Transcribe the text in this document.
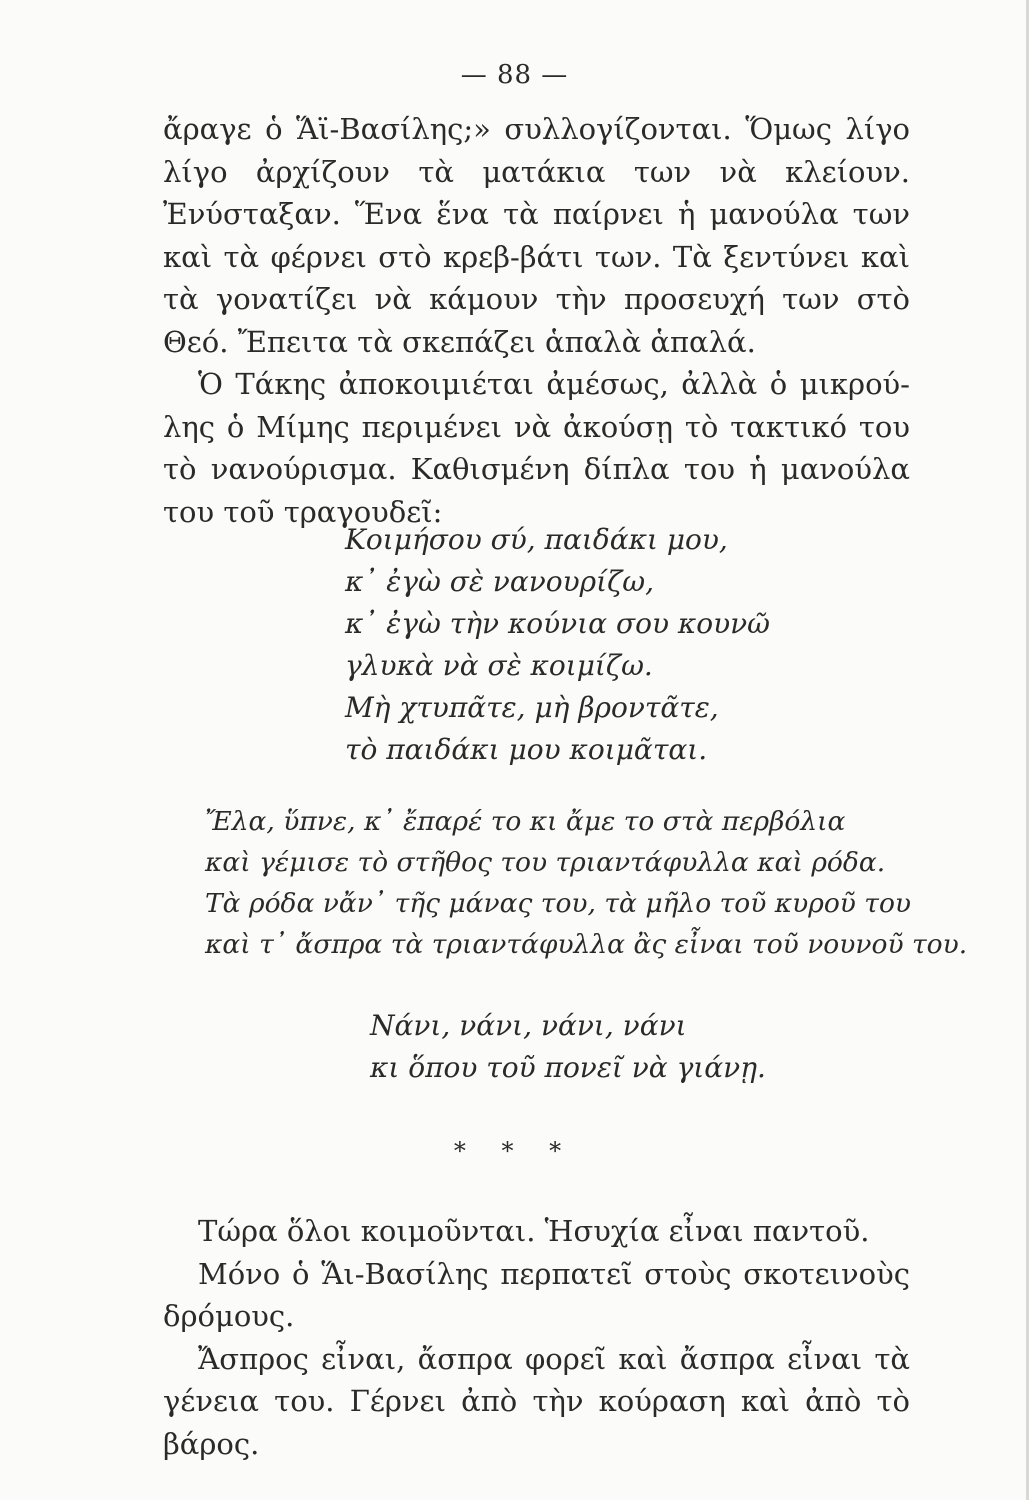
— 88 —

ἄραγε ὁ Ἅϊ-Βασίλης;» συλλογίζονται. Ὅμως λίγο λίγο ἀρχίζουν τὰ ματάκια των νὰ κλείουν. Ἐνύσταξαν. Ἕνα ἕνα τὰ παίρνει ἡ μανούλα των καὶ τὰ φέρνει στὸ κρεβ-βάτι των. Τὰ ξεντύνει καὶ τὰ γονατίζει νὰ κάμουν τὴν προσευχή των στὸ Θεό. Ἔπειτα τὰ σκεπάζει ἁπαλὰ ἁπαλά.

Ὁ Τάκης ἀποκοιμιέται ἀμέσως, ἀλλὰ ὁ μικρού-λης ὁ Μίμης περιμένει νὰ ἀκούσῃ τὸ τακτικό του τὸ νανούρισμα. Καθισμένη δίπλα του ἡ μανούλα του τοῦ τραγουδεῖ:

Κοιμήσου σύ, παιδάκι μου,
κ᾽ ἐγὼ σὲ νανουρίζω,
κ᾽ ἐγὼ τὴν κούνια σου κουνῶ
γλυκὰ νὰ σὲ κοιμίζω.
Μὴ χτυπᾶτε, μὴ βροντᾶτε,
τὸ παιδάκι μου κοιμᾶται.
Ἔλα, ὕπνε, κ᾽ ἔπαρέ το κι ἄμε το στὰ περβόλια
καὶ γέμισε τὸ στῆθος του τριαντάφυλλα καὶ ρόδα.
Τὰ ρόδα νἄν᾽ τῆς μάνας του, τὰ μῆλο τοῦ κυροῦ του
καὶ τ᾽ ἄσπρα τὰ τριαντάφυλλα ἂς εἶναι τοῦ νουνοῦ του.
Νάνι, νάνι, νάνι, νάνι
κι ὅπου τοῦ πονεῖ νὰ γιάνῃ.
* * *

Τώρα ὅλοι κοιμοῦνται. Ἡσυχία εἶναι παντοῦ.

Μόνο ὁ Ἅι-Βασίλης περπατεῖ στοὺς σκοτεινοὺς δρόμους.

Ἄσπρος εἶναι, ἄσπρα φορεῖ καὶ ἄσπρα εἶναι τὰ γένεια του. Γέρνει ἀπὸ τὴν κούραση καὶ ἀπὸ τὸ βάρος.
